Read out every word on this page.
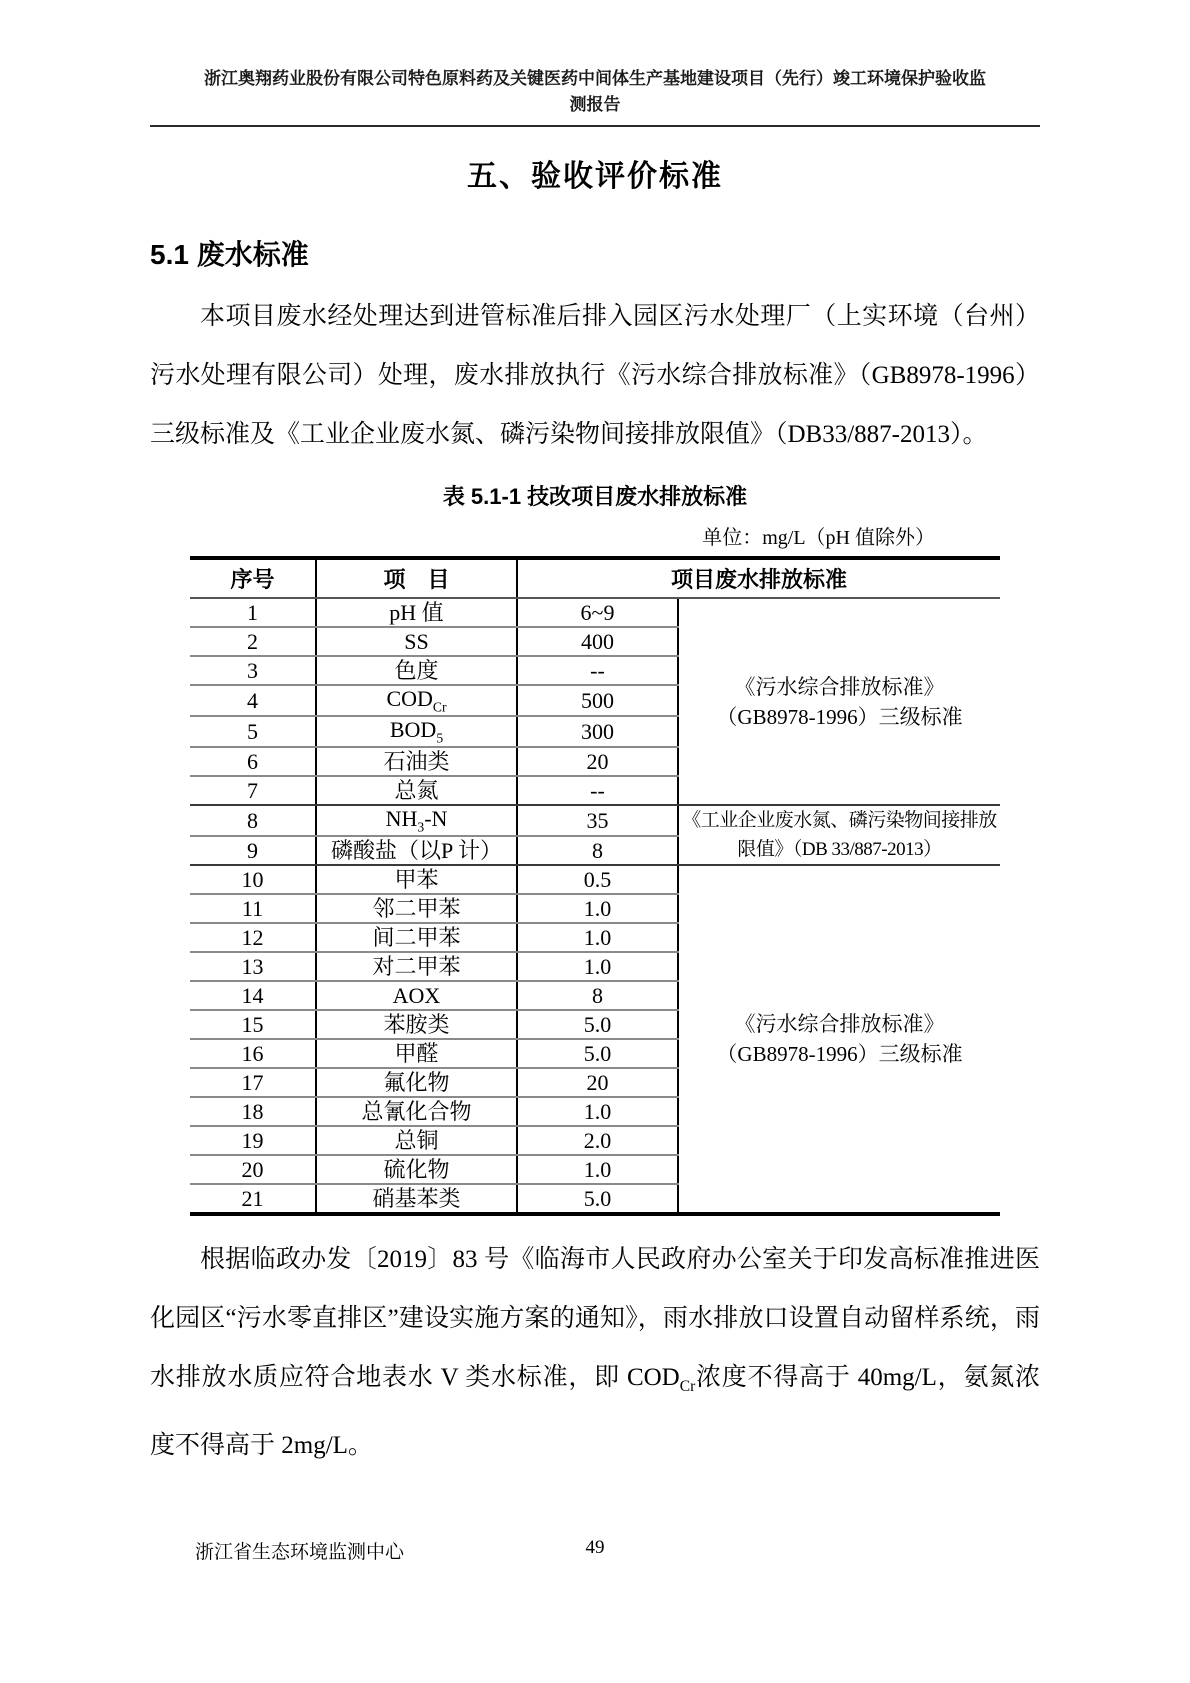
浙江奥翔药业股份有限公司特色原料药及关键医药中间体生产基地建设项目（先行）竣工环境保护验收监
测报告
五、验收评价标准
5.1 废水标准
本项目废水经处理达到进管标准后排入园区污水处理厂（上实环境（台州）污水处理有限公司）处理，废水排放执行《污水综合排放标准》（GB8978-1996）三级标准及《工业企业废水氮、磷污染物间接排放限值》（DB33/887-2013）。
表 5.1-1 技改项目废水排放标准
单位：mg/L（pH 值除外）
序号	项　目	项目废水排放标准	
1	pH 值	6~9	《污水综合排放标准》
（GB8978-1996）三级标准

2	SS	400	
3	色度	--	
4	$COD_{Cr}$	500	
5	$BOD_5$	300	
6	石油类	20	
7	总氮	--	
8	$NH_3-N$	35	《工业企业废水氮、磷污染物间接排放
限值》（DB 33/887-2013）

9	磷酸盐（以P 计）	8	
10	甲苯	0.5	《污水综合排放标准》
（GB8978-1996）三级标准

11	邻二甲苯	1.0	
12	间二甲苯	1.0	
13	对二甲苯	1.0	
14	AOX	8	
15	苯胺类	5.0	
16	甲醛	5.0	
17	氟化物	20	
18	总氰化合物	1.0	
19	总铜	2.0	
20	硫化物	1.0	
21	硝基苯类	5.0	
根据临政办发〔2019〕83 号《临海市人民政府办公室关于印发高标准推进医化园区“污水零直排区”建设实施方案的通知》，雨水排放口设置自动留样系统，雨水排放水质应符合地表水 V 类水标准，即 $COD_{Cr}$浓度不得高于 40mg/L，氨氮浓度不得高于 2mg/L。
浙江省生态环境监测中心	49
